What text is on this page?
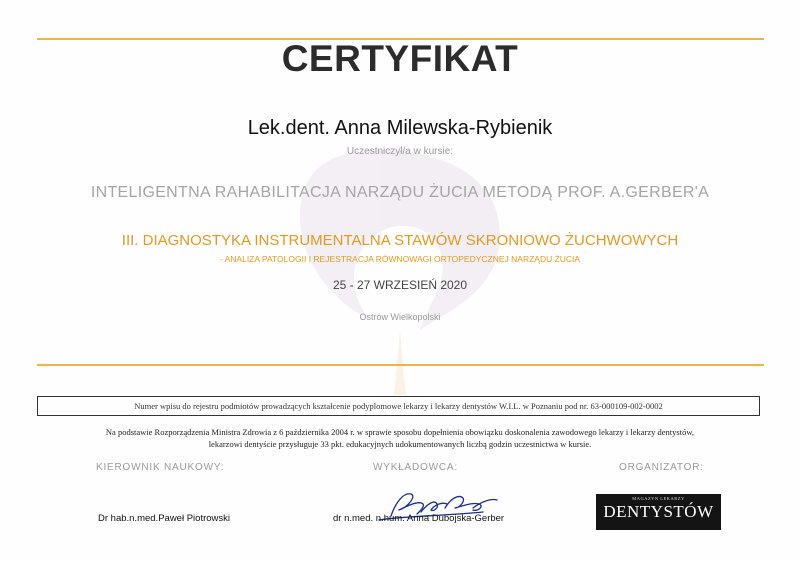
CERTYFIKAT
Lek.dent. Anna Milewska-Rybienik
Uczestniczył/a w kursie:
INTELIGENTNA RAHABILITACJA NARZĄDU ŻUCIA METODĄ PROF. A.GERBER'A
III. DIAGNOSTYKA INSTRUMENTALNA STAWÓW SKRONIOWO ŻUCHWOWYCH
- ANALIZA PATOLOGII I REJESTRACJA RÓWNOWAGI ORTOPEDYCZNEJ NARZĄDU ŻUCIA
25 - 27 WRZESIEŃ 2020
Ostrów Wielkopolski
Numer wpisu do rejestru podmiotów prowadzących kształcenie podyplomowe lekarzy i lekarzy dentystów W.I.L. w Poznaniu pod nr. 63-000109-002-0002
Na podstawie Rozporządzenia Ministra Zdrowia z 6 października 2004 r. w sprawie sposobu dopełnienia obowiązku doskonalenia zawodowego lekarzy i lekarzy dentystów,
lekarzowi dentyście przysługuje 33 pkt. edukacyjnych udokumentowanych liczbą godzin uczestnictwa w kursie.
KIEROWNIK NAUKOWY:	WYKŁADOWCA:	ORGANIZATOR:
Dr hab.n.med.Paweł Piotrowski	dr n.med. n.hum. Anna Dubojska-Gerber
MAGAZYN LEKARZY
DENTYSTÓW
